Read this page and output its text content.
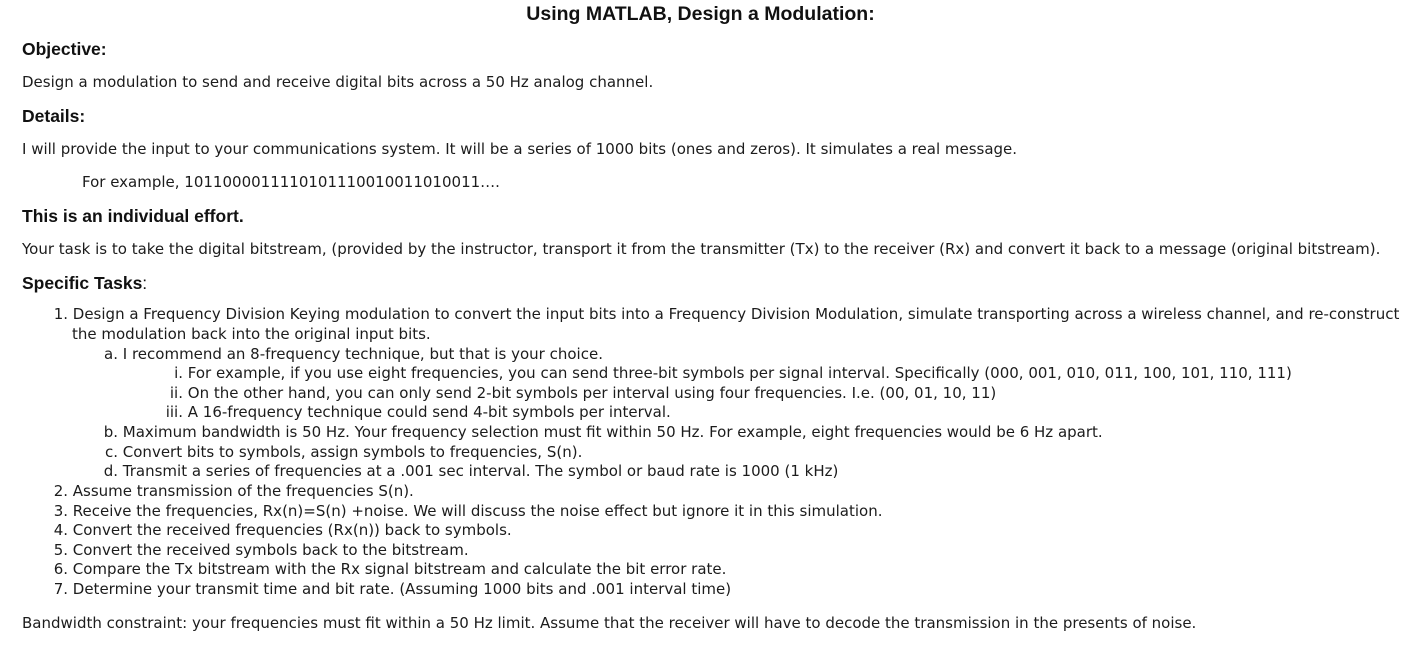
Using MATLAB, Design a Modulation:
Objective:
Design a modulation to send and receive digital bits across a 50 Hz analog channel.
Details:
I will provide the input to your communications system. It will be a series of 1000 bits (ones and zeros). It simulates a real message.
For example, 1011000011110101110010011010011….
This is an individual effort.
Your task is to take the digital bitstream, (provided by the instructor, transport it from the transmitter (Tx) to the receiver (Rx) and convert it back to a message (original bitstream).
Specific Tasks:
1. Design a Frequency Division Keying modulation to convert the input bits into a Frequency Division Modulation, simulate transporting across a wireless channel, and re-construct
the modulation back into the original input bits.
a. I recommend an 8-frequency technique, but that is your choice.
i. For example, if you use eight frequencies, you can send three-bit symbols per signal interval. Specifically (000, 001, 010, 011, 100, 101, 110, 111)
ii. On the other hand, you can only send 2-bit symbols per interval using four frequencies. I.e. (00, 01, 10, 11)
iii. A 16-frequency technique could send 4-bit symbols per interval.
b. Maximum bandwidth is 50 Hz. Your frequency selection must fit within 50 Hz. For example, eight frequencies would be 6 Hz apart.
c. Convert bits to symbols, assign symbols to frequencies, S(n).
d. Transmit a series of frequencies at a .001 sec interval. The symbol or baud rate is 1000 (1 kHz)
2. Assume transmission of the frequencies S(n).
3. Receive the frequencies, Rx(n)=S(n) +noise. We will discuss the noise effect but ignore it in this simulation.
4. Convert the received frequencies (Rx(n)) back to symbols.
5. Convert the received symbols back to the bitstream.
6. Compare the Tx bitstream with the Rx signal bitstream and calculate the bit error rate.
7. Determine your transmit time and bit rate. (Assuming 1000 bits and .001 interval time)
Bandwidth constraint: your frequencies must fit within a 50 Hz limit. Assume that the receiver will have to decode the transmission in the presents of noise.
